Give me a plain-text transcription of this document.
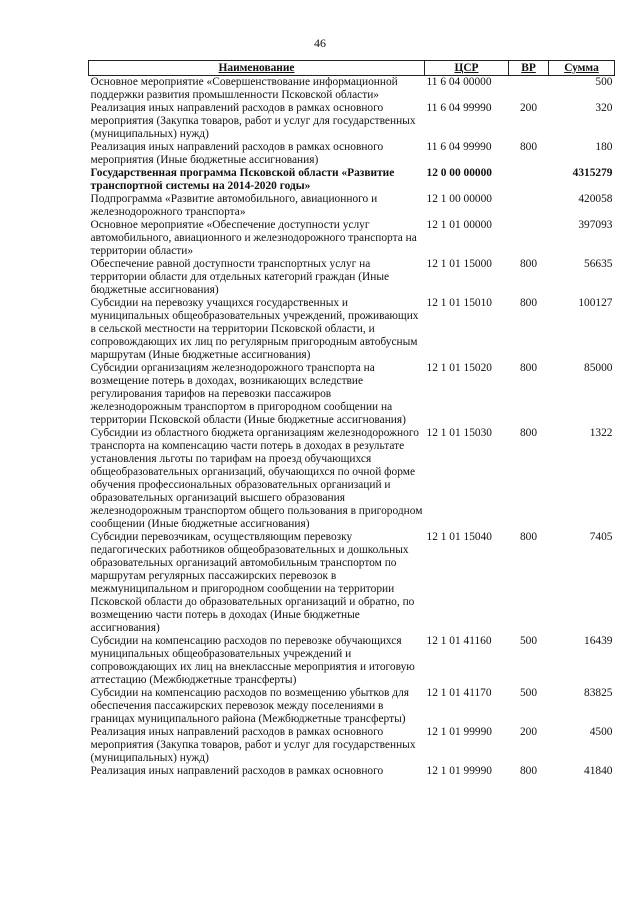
46
Наименование	ЦСР	ВР	Сумма
Основное мероприятие «Совершенствование информационной поддержки развития промышленности Псковской области»	11 6 04 00000		500
Реализация иных направлений расходов в рамках основного мероприятия (Закупка товаров, работ и услуг для государственных (муниципальных) нужд)	11 6 04 99990	200	320
Реализация иных направлений расходов в рамках основного мероприятия (Иные бюджетные ассигнования)	11 6 04 99990	800	180
Государственная программа Псковской области «Развитие транспортной системы на 2014-2020 годы»	12 0 00 00000		4315279
Подпрограмма «Развитие автомобильного, авиационного и железнодорожного транспорта»	12 1 00 00000		420058
Основное мероприятие «Обеспечение доступности услуг автомобильного, авиационного и железнодорожного транспорта на территории области»	12 1 01 00000		397093
Обеспечение равной доступности транспортных услуг на территории области для отдельных категорий граждан (Иные бюджетные ассигнования)	12 1 01 15000	800	56635
Субсидии на перевозку учащихся государственных и муниципальных общеобразовательных учреждений, проживающих в сельской местности на территории Псковской области, и сопровождающих их лиц по регулярным пригородным автобусным маршрутам (Иные бюджетные ассигнования)	12 1 01 15010	800	100127
Субсидии организациям железнодорожного транспорта на возмещение потерь в доходах, возникающих вследствие регулирования тарифов на перевозки пассажиров железнодорожным транспортом в пригородном сообщении на территории Псковской области (Иные бюджетные ассигнования)	12 1 01 15020	800	85000
Субсидии из областного бюджета организациям железнодорожного транспорта на компенсацию части потерь в доходах в результате установления льготы по тарифам на проезд обучающихся общеобразовательных организаций, обучающихся по очной форме обучения профессиональных образовательных организаций и образовательных организаций высшего образования железнодорожным транспортом общего пользования в пригородном сообщении (Иные бюджетные ассигнования)	12 1 01 15030	800	1322
Субсидии перевозчикам, осуществляющим перевозку педагогических работников общеобразовательных и дошкольных образовательных организаций автомобильным транспортом по маршрутам регулярных пассажирских перевозок в межмуниципальном и пригородном сообщении на территории Псковской области до образовательных организаций и обратно, по возмещению части потерь в доходах (Иные бюджетные ассигнования)	12 1 01 15040	800	7405
Субсидии на компенсацию расходов по перевозке обучающихся муниципальных общеобразовательных учреждений и сопровождающих их лиц на внеклассные мероприятия и итоговую аттестацию (Межбюджетные трансферты)	12 1 01 41160	500	16439
Субсидии на компенсацию расходов по возмещению убытков для обеспечения пассажирских перевозок между поселениями в границах муниципального района (Межбюджетные трансферты)	12 1 01 41170	500	83825
Реализация иных направлений расходов в рамках основного мероприятия (Закупка товаров, работ и услуг для государственных (муниципальных) нужд)	12 1 01 99990	200	4500
Реализация иных направлений расходов в рамках основного	12 1 01 99990	800	41840
